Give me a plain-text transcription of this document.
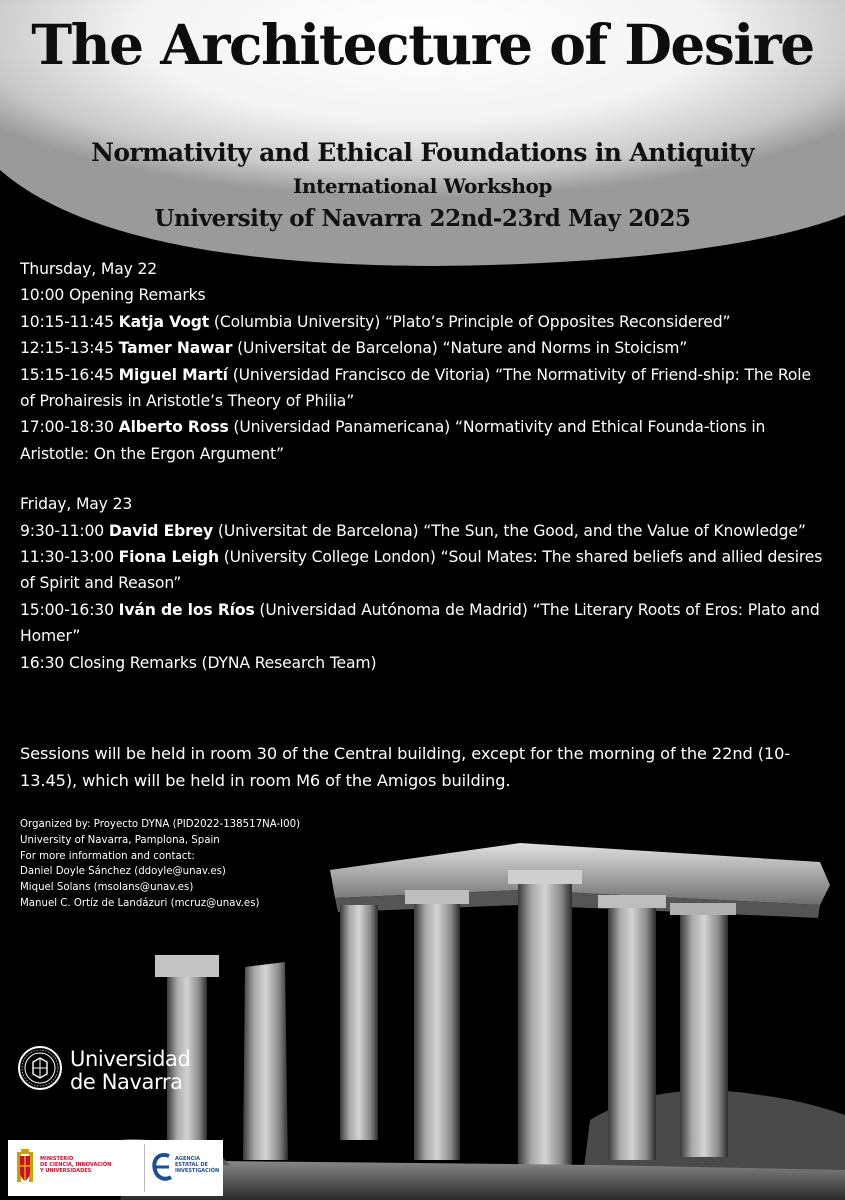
The Architecture of Desire

Normativity and Ethical Foundations in Antiquity

International Workshop

University of Navarra 22nd-23rd May 2025

Thursday, May 22

10:00 Opening Remarks

10:15-11:45 Katja Vogt (Columbia University) “Plato’s Principle of Opposites Reconsidered”

12:15-13:45 Tamer Nawar (Universitat de Barcelona) “Nature and Norms in Stoicism”

15:15-16:45 Miguel Martí (Universidad Francisco de Vitoria) “The Normativity of Friend-ship: The Role of Prohairesis in Aristotle’s Theory of Philia”

17:00-18:30 Alberto Ross (Universidad Panamericana) “Normativity and Ethical Founda-tions in Aristotle: On the Ergon Argument”

Friday, May 23

9:30-11:00 David Ebrey (Universitat de Barcelona) “The Sun, the Good, and the Value of Knowledge”

11:30-13:00 Fiona Leigh (University College London) “Soul Mates: The shared beliefs and allied desires of Spirit and Reason”

15:00-16:30 Iván de los Ríos (Universidad Autónoma de Madrid) “The Literary Roots of Eros: Plato and Homer”

16:30 Closing Remarks (DYNA Research Team)

Sessions will be held in room 30 of the Central building, except for the morning of the 22nd (10-13.45), which will be held in room M6 of the Amigos building.

Organized by: Proyecto DYNA (PID2022-138517NA-I00)
University of Navarra, Pamplona, Spain
For more information and contact:
Daniel Doyle Sánchez (ddoyle@unav.es)
Miquel Solans (msolans@unav.es)
Manuel C. Ortíz de Landázuri (mcruz@unav.es)
Universidad
de Navarra
MINISTERIO
DE CIENCIA, INNOVACIÓN
Y UNIVERSIDADES
AGENCIA
ESTATAL DE
INVESTIGACIÓN
